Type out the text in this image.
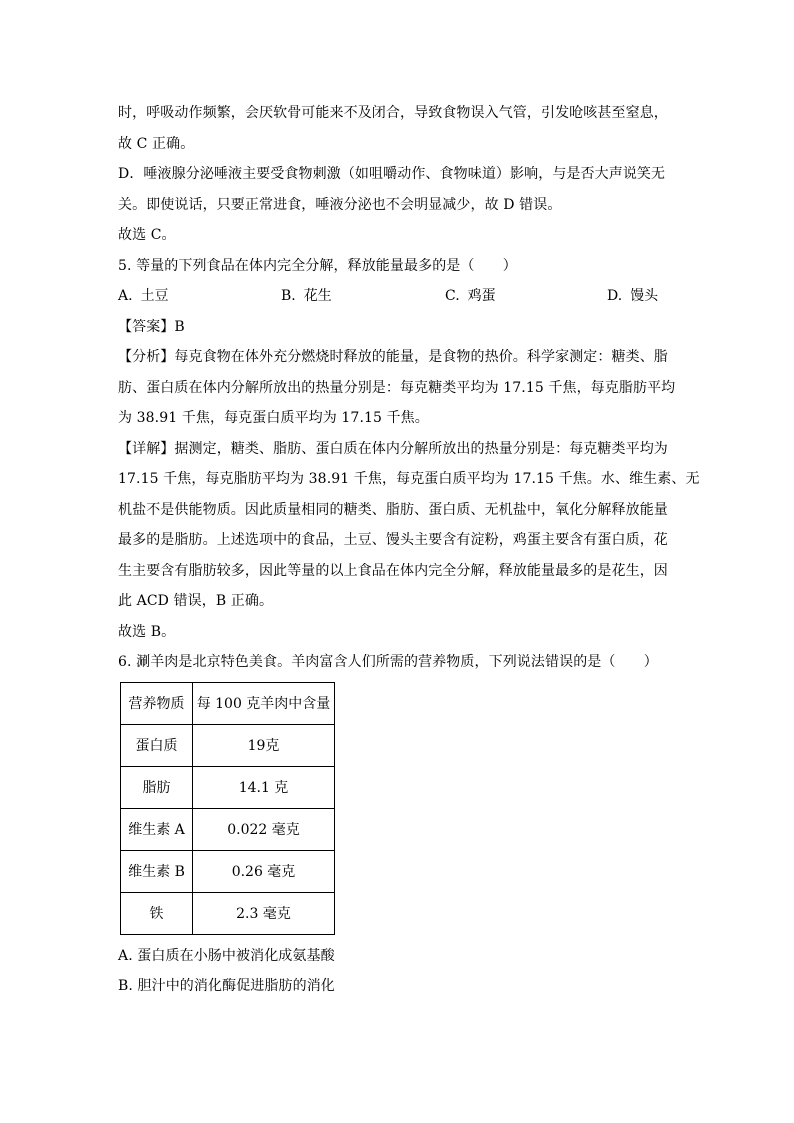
时，呼吸动作频繁，会厌软骨可能来不及闭合，导致食物误入气管，引发呛咳甚至窒息，
故 C 正确。
D．唾液腺分泌唾液主要受食物刺激（如咀嚼动作、食物味道）影响，与是否大声说笑无
关。即使说话，只要正常进食，唾液分泌也不会明显减少，故 D 错误。
故选 C。
5. 等量的下列食品在体内完全分解，释放能量最多的是（　　）
A. 土豆	B. 花生	C. 鸡蛋	D. 馒头
【答案】B
【分析】每克食物在体外充分燃烧时释放的能量，是食物的热价。科学家测定：糖类、脂
肪、蛋白质在体内分解所放出的热量分别是：每克糖类平均为 17.15 千焦，每克脂肪平均
为 38.91 千焦，每克蛋白质平均为 17.15 千焦。
【详解】据测定，糖类、脂肪、蛋白质在体内分解所放出的热量分别是：每克糖类平均为
17.15 千焦，每克脂肪平均为 38.91 千焦，每克蛋白质平均为 17.15 千焦。水、维生素、无
机盐不是供能物质。因此质量相同的糖类、脂肪、蛋白质、无机盐中，氧化分解释放能量
最多的是脂肪。上述选项中的食品，土豆、馒头主要含有淀粉，鸡蛋主要含有蛋白质，花
生主要含有脂肪较多，因此等量的以上食品在体内完全分解，释放能量最多的是花生，因
此 ACD 错误，B 正确。
故选 B。
6. 涮羊肉是北京特色美食。羊肉富含人们所需的营养物质，下列说法错误的是（　　）
营养物质	每 100 克羊肉中含量
蛋白质	19克
脂肪	14.1 克
维生素 A	0.022 毫克
维生素 B	0.26 毫克
铁	2.3 毫克
A. 蛋白质在小肠中被消化成氨基酸
B. 胆汁中的消化酶促进脂肪的消化
